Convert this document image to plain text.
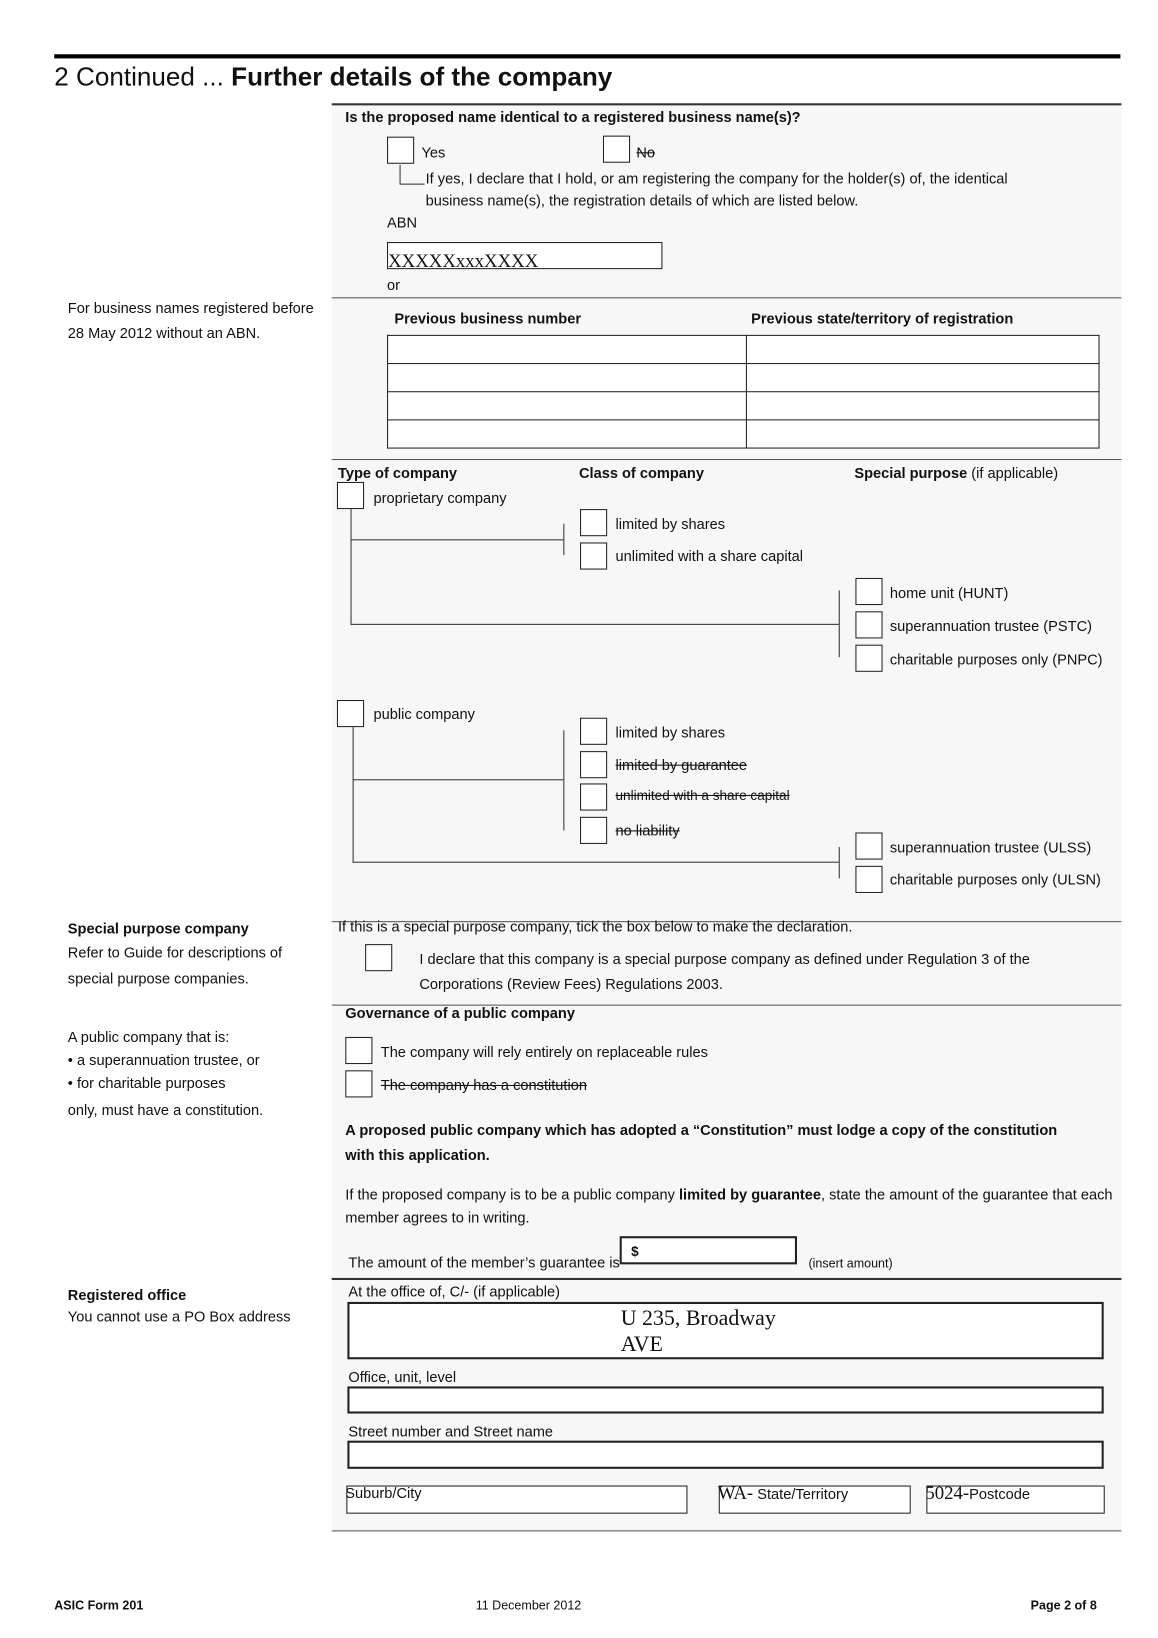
2 Continued ... Further details of the company
Is the proposed name identical to a registered business name(s)?
Yes	No
If yes, I declare that I hold, or am registering the company for the holder(s) of, the identical
business name(s), the registration details of which are listed below.
ABN
XXXXXxxxXXXX
or
For business names registered before
28 May 2012 without an ABN.
Previous business number	Previous state/territory of registration

Type of company	Class of company	Special purpose (if applicable)
proprietary company
limited by shares
unlimited with a share capital
home unit (HUNT)
superannuation trustee (PSTC)
charitable purposes only (PNPC)
public company
limited by shares
limited by guarantee
unlimited with a share capital
no liability
superannuation trustee (ULSS)
charitable purposes only (ULSN)
Special purpose company
Refer to Guide for descriptions of
special purpose companies.
If this is a special purpose company, tick the box below to make the declaration.
I declare that this company is a special purpose company as defined under Regulation 3 of the
Corporations (Review Fees) Regulations 2003.
Governance of a public company
A public company that is:
• a superannuation trustee, or
• for charitable purposes
only, must have a constitution.
The company will rely entirely on replaceable rules
The company has a constitution
A proposed public company which has adopted a “Constitution” must lodge a copy of the constitution
with this application.
If the proposed company is to be a public company limited by guarantee, state the amount of the guarantee that each
member agrees to in writing.
The amount of the member’s guarantee is
$
(insert amount)
Registered office
You cannot use a PO Box address
At the office of, C/- (if applicable)
U 235, Broadway
AVE
Office, unit, level
Street number and Street name
Suburb/City	WA- State/Territory	5024-Postcode
ASIC Form 201	11 December 2012	Page 2 of 8
